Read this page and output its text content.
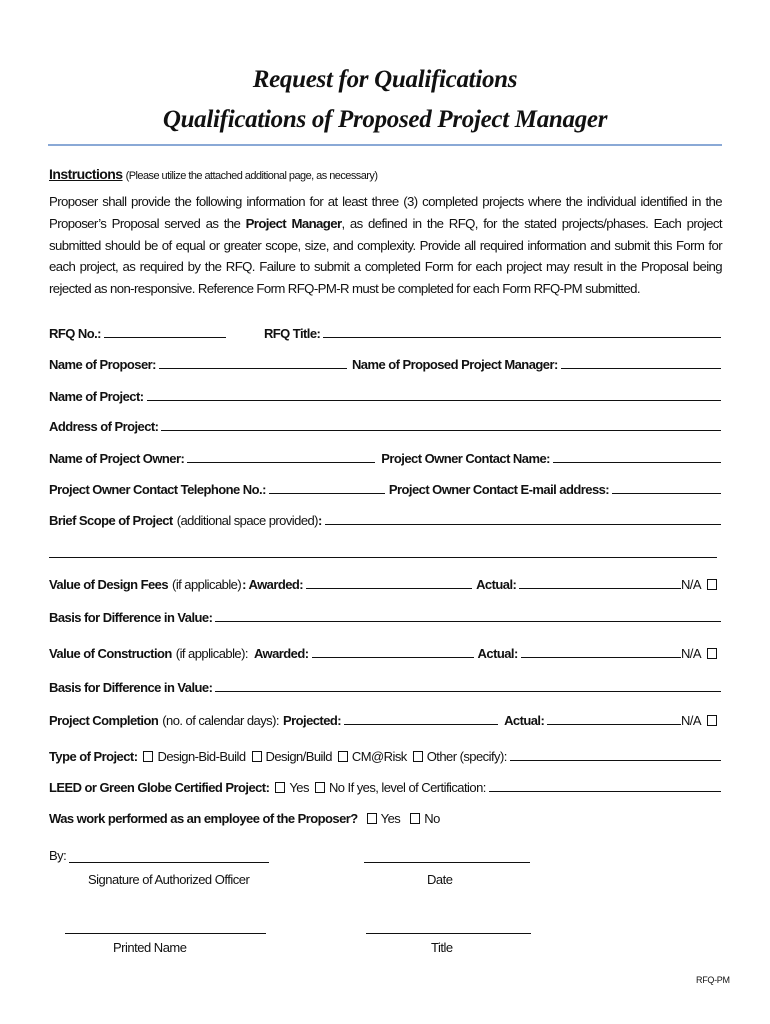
Request for Qualifications
Qualifications of Proposed Project Manager
Instructions (Please utilize the attached additional page, as necessary)
Proposer shall provide the following information for at least three (3) completed projects where the individual identified in the Proposer’s Proposal served as the Project Manager, as defined in the RFQ, for the stated projects/phases. Each project submitted should be of equal or greater scope, size, and complexity. Provide all required information and submit this Form for each project, as required by the RFQ. Failure to submit a completed Form for each project may result in the Proposal being rejected as non-responsive. Reference Form RFQ-PM-R must be completed for each Form RFQ-PM submitted.
RFQ No.:	RFQ Title:
Name of Proposer:	Name of Proposed Project Manager:
Name of Project:
Address of Project:
Name of Project Owner:	Project Owner Contact Name:
Project Owner Contact Telephone No.:	Project Owner Contact E-mail address:
Brief Scope of Project (additional space provided) :
Value of Design Fees (if applicable) : Awarded:	Actual:	N/A
Basis for Difference in Value:
Value of Construction (if applicable): Awarded:	Actual:	N/A
Basis for Difference in Value:
Project Completion (no. of calendar days): Projected:	Actual:	N/A
Type of Project: Design-Bid-Build Design/Build CM@Risk Other (specify):
LEED or Green Globe Certified Project: Yes No If yes, level of Certification:
Was work performed as an employee of the Proposer? Yes No
By:
Signature of Authorized Officer	Date
Printed Name	Title
RFQ-PM
